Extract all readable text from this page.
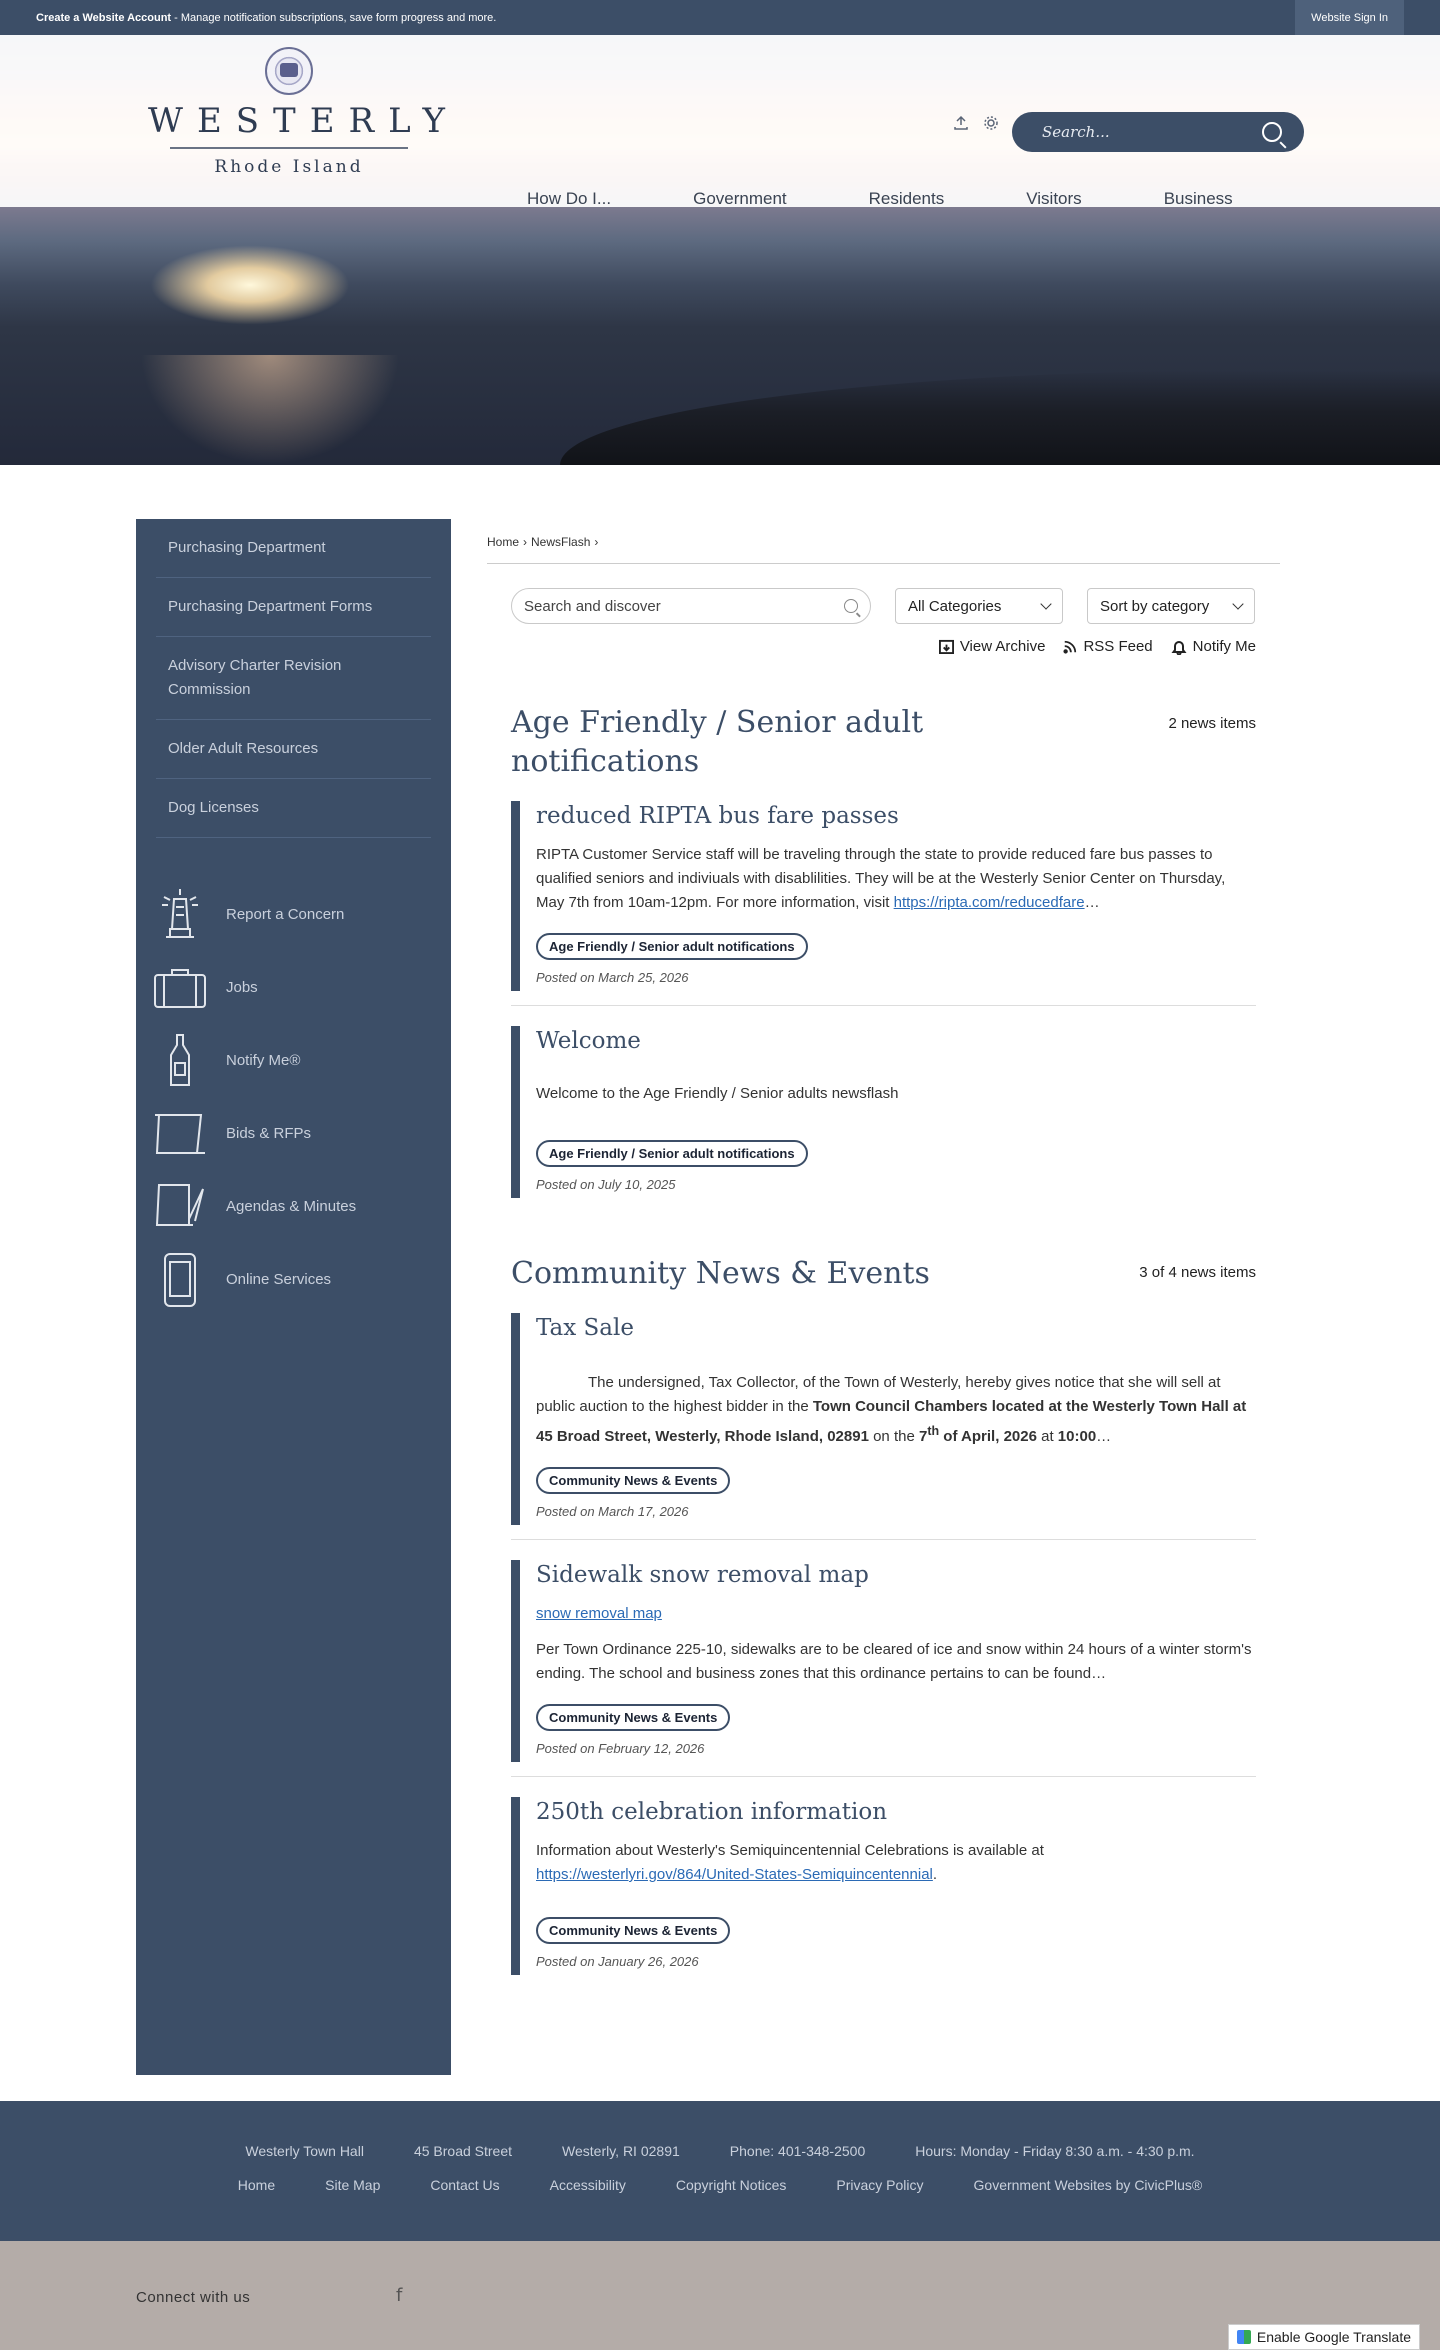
Create a Website Account - Manage notification subscriptions, save form progress and more.	Website Sign In
WESTERLY
Rhode Island
Search...
How Do I...	Government	Residents	Visitors	Business
Purchasing Department
Purchasing Department Forms
Advisory Charter Revision Commission
Older Adult Resources
Dog Licenses
Report a Concern
Jobs
Notify Me®
Bids & RFPs
Agendas & Minutes
Online Services
Home › NewsFlash ›
Search and discover	All Categories	Sort by category
View Archive	RSS Feed	Notify Me
Age Friendly / Senior adult notifications
2 news items
reduced RIPTA bus fare passes

RIPTA Customer Service staff will be traveling through the state to provide reduced fare bus passes to qualified seniors and indiviuals with disablilities. They will be at the Westerly Senior Center on Thursday, May 7th from 10am-12pm. For more information, visit https://ripta.com/reducedfare…

Age Friendly / Senior adult notifications

Posted on March 25, 2026

Welcome

Welcome to the Age Friendly / Senior adults newsflash

Age Friendly / Senior adult notifications

Posted on July 10, 2025

Community News & Events	3 of 4 news items
Tax Sale

The undersigned, Tax Collector, of the Town of Westerly, hereby gives notice that she will sell at public auction to the highest bidder in the Town Council Chambers located at the Westerly Town Hall at 45 Broad Street, Westerly, Rhode Island, 02891 on the 7th of April, 2026 at 10:00…

Community News & Events

Posted on March 17, 2026

Sidewalk snow removal map

snow removal map

Per Town Ordinance 225-10, sidewalks are to be cleared of ice and snow within 24 hours of a winter storm's ending. The school and business zones that this ordinance pertains to can be found…

Community News & Events

Posted on February 12, 2026

250th celebration information

Information about Westerly's Semiquincentennial Celebrations is available at https://westerlyri.gov/864/United-States-Semiquincentennial.

Community News & Events

Posted on January 26, 2026

Westerly Town Hall	45 Broad Street	Westerly, RI 02891	Phone: 401-348-2500	Hours: Monday - Friday 8:30 a.m. - 4:30 p.m.
Home	Site Map	Contact Us	Accessibility	Copyright Notices	Privacy Policy	Government Websites by CivicPlus®
Connect with us	f
Enable Google Translate
